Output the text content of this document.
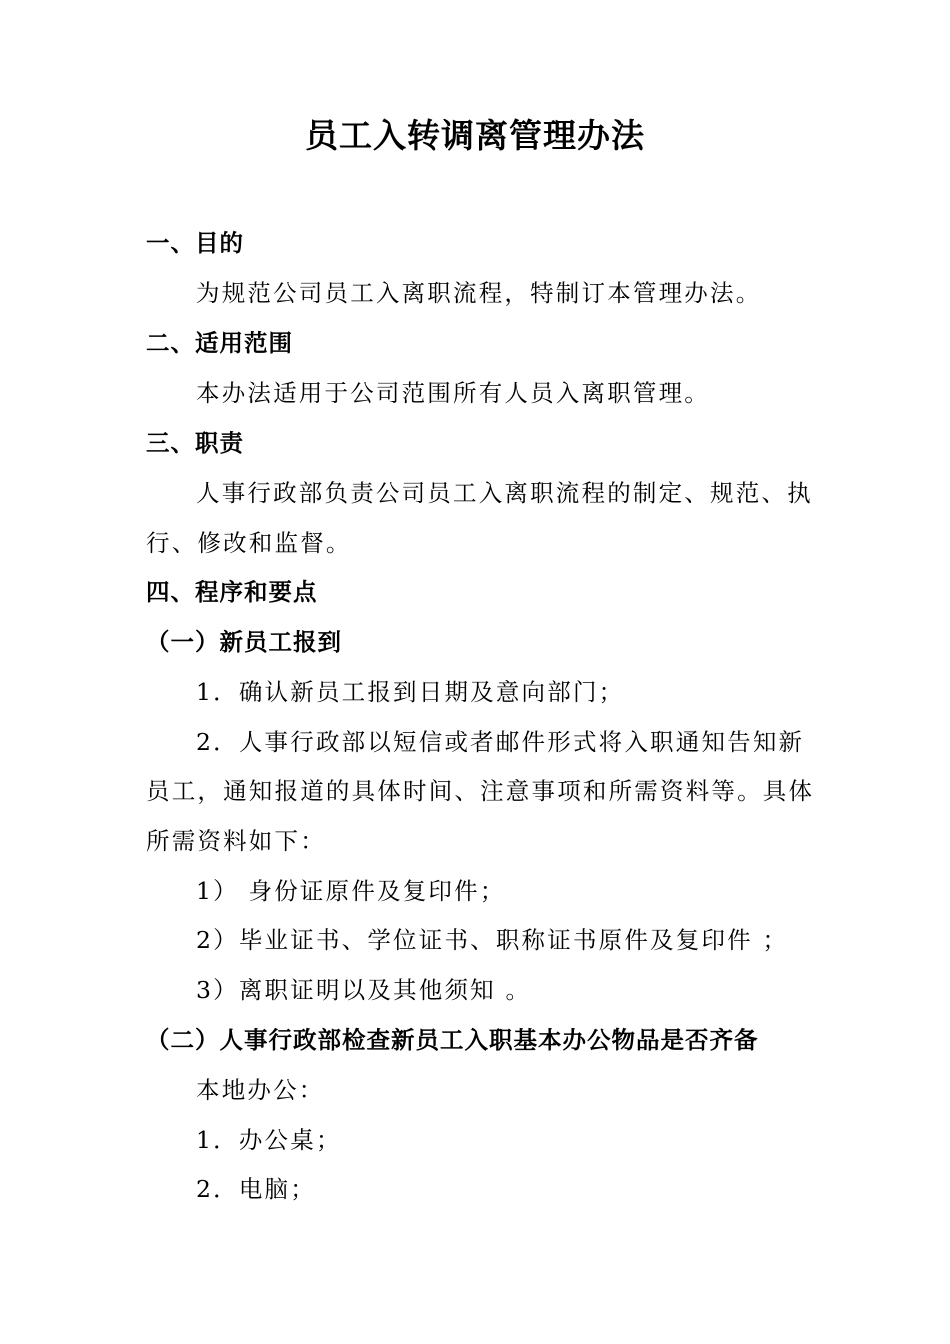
员工入转调离管理办法
一、目的
为规范公司员工入离职流程，特制订本管理办法。
二、适用范围
本办法适用于公司范围所有人员入离职管理。
三、职责
人事行政部负责公司员工入离职流程的制定、规范、执
行、修改和监督。
四、程序和要点
（一）新员工报到
1．确认新员工报到日期及意向部门；
2．人事行政部以短信或者邮件形式将入职通知告知新
员工，通知报道的具体时间、注意事项和所需资料等。具体
所需资料如下：
1） 身份证原件及复印件；
2）毕业证书、学位证书、职称证书原件及复印件 ；
3）离职证明以及其他须知 。
（二）人事行政部检查新员工入职基本办公物品是否齐备
本地办公：
1．办公桌；
2．电脑；
